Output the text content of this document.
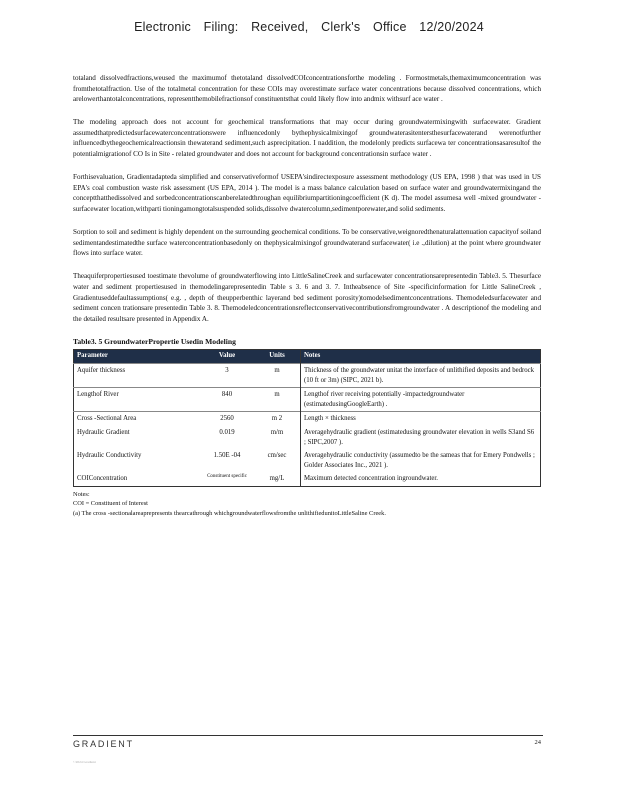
Electronic Filing: Received, Clerk's Office 12/20/2024

totaland dissolvedfractions,weused the maximumof thetotaland dissolvedCOIconcentrationsforthe modeling . Formostmetals,themaximumconcentration was fromthetotalfraction. Use of the totalmetal concentration for these COIs may overestimate surface water concentrations because dissolved concentrations, which arelowerthantotalconcentrations, representthemobilefractionsof constituentsthat could likely flow into andmix withsurf ace water .

The modeling approach does not account for geochemical transformations that may occur during groundwatermixingwith surfacewater. Gradient assumedthatpredictedsurfacewaterconcentrationswere influencedonly bythephysicalmixingof groundwaterasitentersthesurfacewaterand werenotfurther influencedbythegeochemicalreactionsin thewaterand sediment,such asprecipitation. I naddition, the modelonly predicts surfacewa ter concentrationsasaresultof the potentialmigrationof CO Is in Site - related groundwater and does not account for background concentrationsin surface water .

Forthisevaluation, Gradientadapteda simplified and conservativeformof USEPA'sindirectexposure assessment methodology (US EPA, 1998 ) that was used in US EPA's coal combustion waste risk assessment (US EPA, 2014 ). The model is a mass balance calculation based on surface water and groundwatermixingand the conceptthatthedissolved and sorbedconcentrationscanberelatedthroughan equilibriumpartitioningcoefficient (K d). The model assumesa well -mixed groundwater -surfacewater location,withparti tioningamongtotalsuspended solids,dissolve dwatercolumn,sedimentporewater,and solid sediments.

Sorption to soil and sediment is highly dependent on the surrounding geochemical conditions. To be conservative,weignoredthenaturalattenuation capacityof soiland sedimentandestimatedthe surface waterconcentrationbasedonly on thephysicalmixingof groundwaterand surfacewater( i.e .,dilution) at the point where groundwater flows into surface water.

Theaquiferpropertiesused toestimate thevolume of groundwaterflowing into LittleSalineCreek and surfacewater concentrationsarepresentedin Table3. 5. Thesurface water and sediment propertiesused in themodelingarepresentedin Table s 3. 6 and 3. 7. Intheabsence of Site -specificinformation for Little SalineCreek , Gradientuseddefaultassumptions( e.g. , depth of theupperbenthic layerand bed sediment porosity)tomodelsedimentconcentrations. Themodeledsurfacewater and sediment concen trationsare presentedin Table 3. 8. Themodeledconcentrationsreflectconservativecontributionsfromgroundwater . A descriptionof the modeling and the detailed resultsare presented in Appendix A.

Table3. 5 GroundwaterPropertie Usedin Modeling
Parameter	Value	Units	Notes
Aquifer thickness	3	m	Thickness of the groundwater unitat the interface of unlithified deposits and bedrock (10 ft or 3m) (SIPC, 2021 b).
Lengthof River	840	m	Lengthof river receiving potentially -impactedgroundwater (estimatedusingGoogleEarth) .
Cross -Sectional Area	2560	m 2	Length × thickness
Hydraulic Gradient	0.019	m/m	Averagehydraulic gradient (estimatedusing groundwater elevation in wells S3and S6 ; SIPC,2007 ).
Hydraulic Conductivity	1.50E -04	cm/sec	Averagehydraulic conductivity (assumedto be the sameas that for Emery Pondwells ; Golder Associates Inc., 2021 ).
COIConcentration	Constituent specific	mg/L	Maximum detected concentration ingroundwater.
Notes:
COI = Constituent of Interest
(a) The cross -sectionalareaprepresents thearcathrough whichgroundwaterflowsfromthe unlithifiedunitoLittleSaline Creek.
GRADIENT	24
©2024 Gradient
